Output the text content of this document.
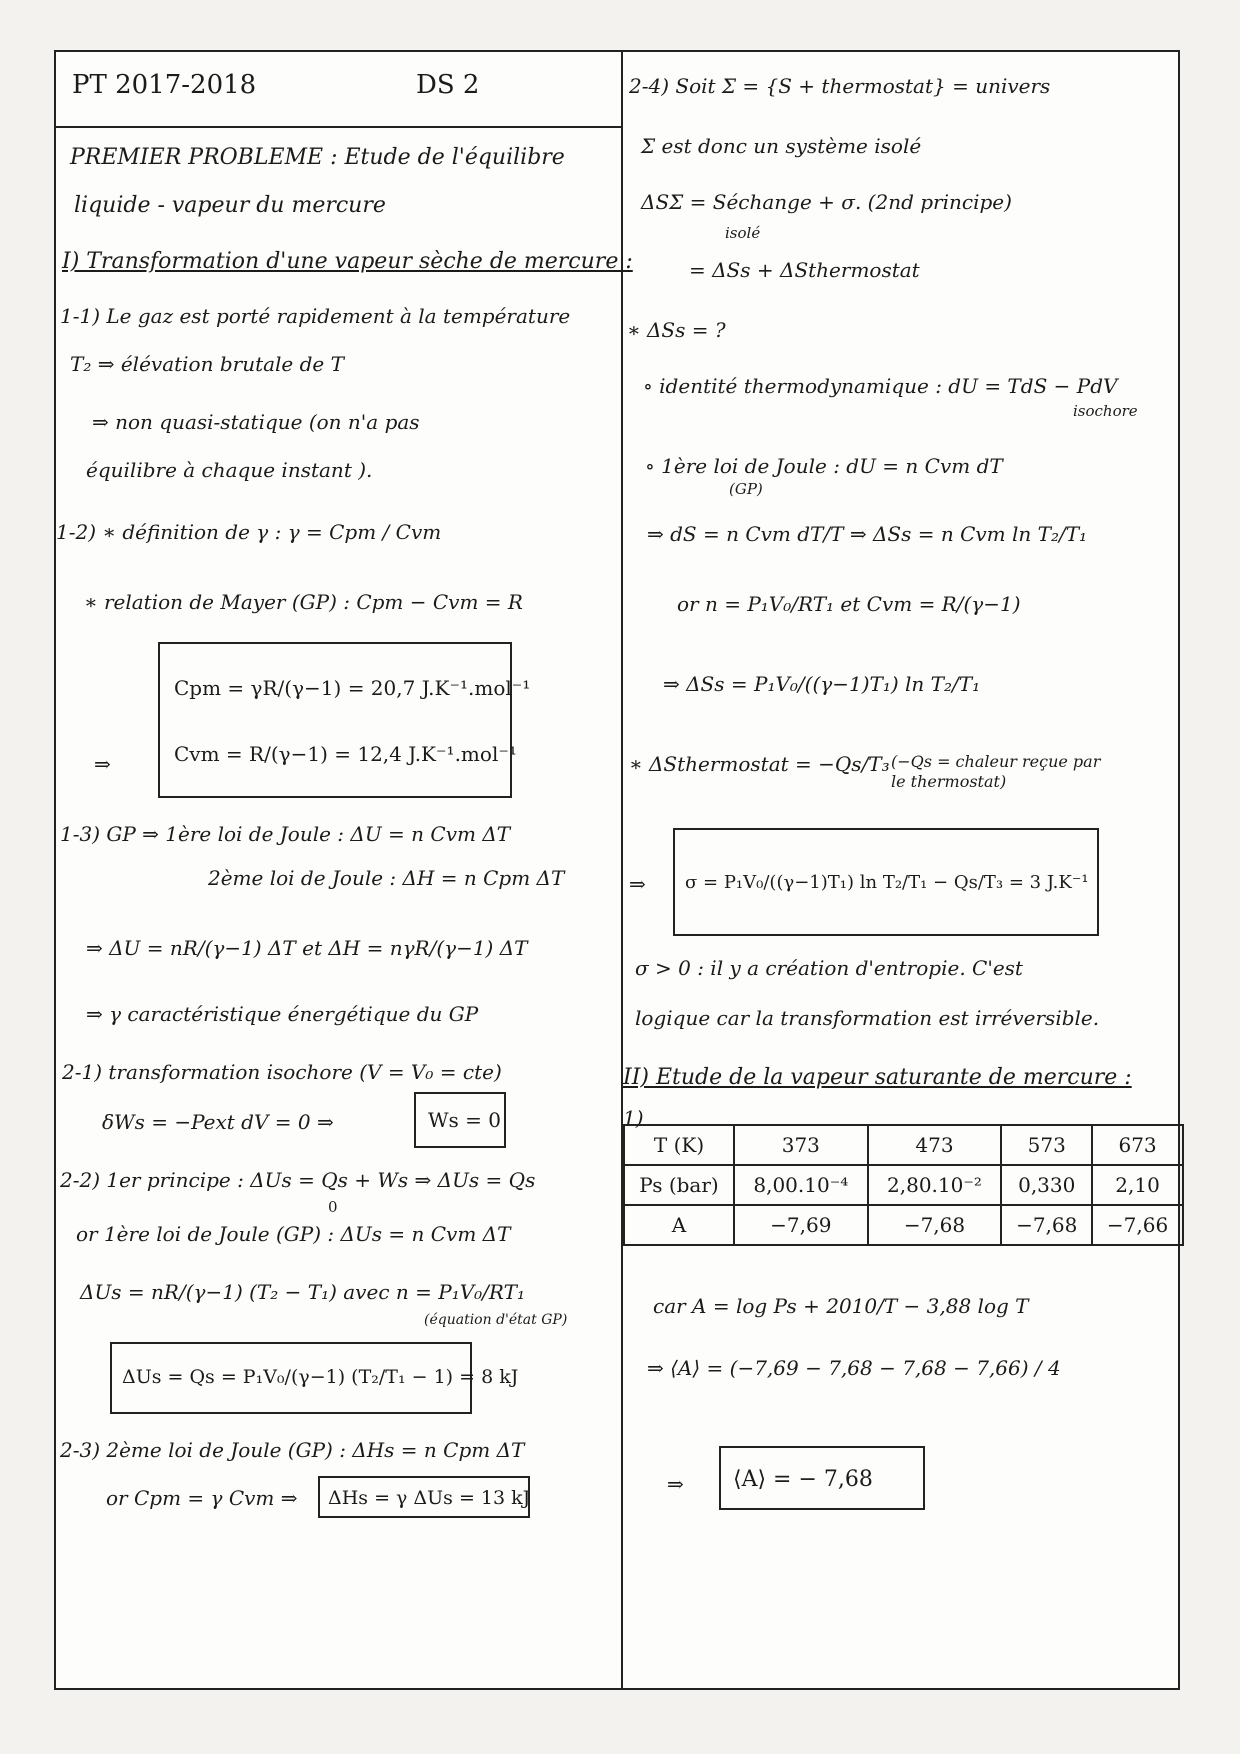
PT 2017-2018	DS 2
PREMIER PROBLEME : Etude de l'équilibre
liquide - vapeur du mercure
I) Transformation d'une vapeur sèche de mercure :
1-1) Le gaz est porté rapidement à la température
T₂ ⇒ élévation brutale de T
⇒ non quasi-statique (on n'a pas
équilibre à chaque instant ).
1-2) ∗ définition de γ : γ = Cpm / Cvm
∗ relation de Mayer (GP) : Cpm − Cvm = R
⇒
Cpm = γR/(γ−1) = 20,7 J.K⁻¹.mol⁻¹
Cvm = R/(γ−1) = 12,4 J.K⁻¹.mol⁻¹
1-3) GP ⇒ 1ère loi de Joule : ΔU = n Cvm ΔT
2ème loi de Joule : ΔH = n Cpm ΔT
⇒ ΔU = nR/(γ−1) ΔT et ΔH = nγR/(γ−1) ΔT
⇒ γ caractéristique énergétique du GP
2-1) transformation isochore (V = V₀ = cte)
δWs = −Pext dV = 0 ⇒	Ws = 0
2-2) 1er principe : ΔUs = Qs + Ws ⇒ ΔUs = Qs
0
or 1ère loi de Joule (GP) : ΔUs = n Cvm ΔT
ΔUs = nR/(γ−1) (T₂ − T₁) avec n = P₁V₀/RT₁
(équation d'état GP)
ΔUs = Qs = P₁V₀/(γ−1) (T₂/T₁ − 1) = 8 kJ
2-3) 2ème loi de Joule (GP) : ΔHs = n Cpm ΔT
or Cpm = γ Cvm ⇒ ΔHs = γ ΔUs = 13 kJ
2-4) Soit Σ = {S + thermostat} = univers
Σ est donc un système isolé
ΔSΣ = Séchange + σ. (2nd principe)
isolé
= ΔSs + ΔSthermostat
∗ ΔSs = ?
∘ identité thermodynamique : dU = TdS − PdV
isochore
∘ 1ère loi de Joule : dU = n Cvm dT
(GP)
⇒ dS = n Cvm dT/T ⇒ ΔSs = n Cvm ln T₂/T₁
or n = P₁V₀/RT₁ et Cvm = R/(γ−1)
⇒ ΔSs = P₁V₀/((γ−1)T₁) ln T₂/T₁
∗ ΔSthermostat = −Qs/T₃ (−Qs = chaleur reçue par le thermostat)
⇒ σ = P₁V₀/((γ−1)T₁) ln T₂/T₁ − Qs/T₃ = 3 J.K⁻¹
σ > 0 : il y a création d'entropie. C'est
logique car la transformation est irréversible.
II) Etude de la vapeur saturante de mercure :
1)
T (K)	373	473	573	673
Ps (bar)	8,00.10⁻⁴	2,80.10⁻²	0,330	2,10
A	−7,69	−7,68	−7,68	−7,66
car A = log Ps + 2010/T − 3,88 log T
⇒ ⟨A⟩ = (−7,69 − 7,68 − 7,68 − 7,66) / 4
⇒ ⟨A⟩ = − 7,68
